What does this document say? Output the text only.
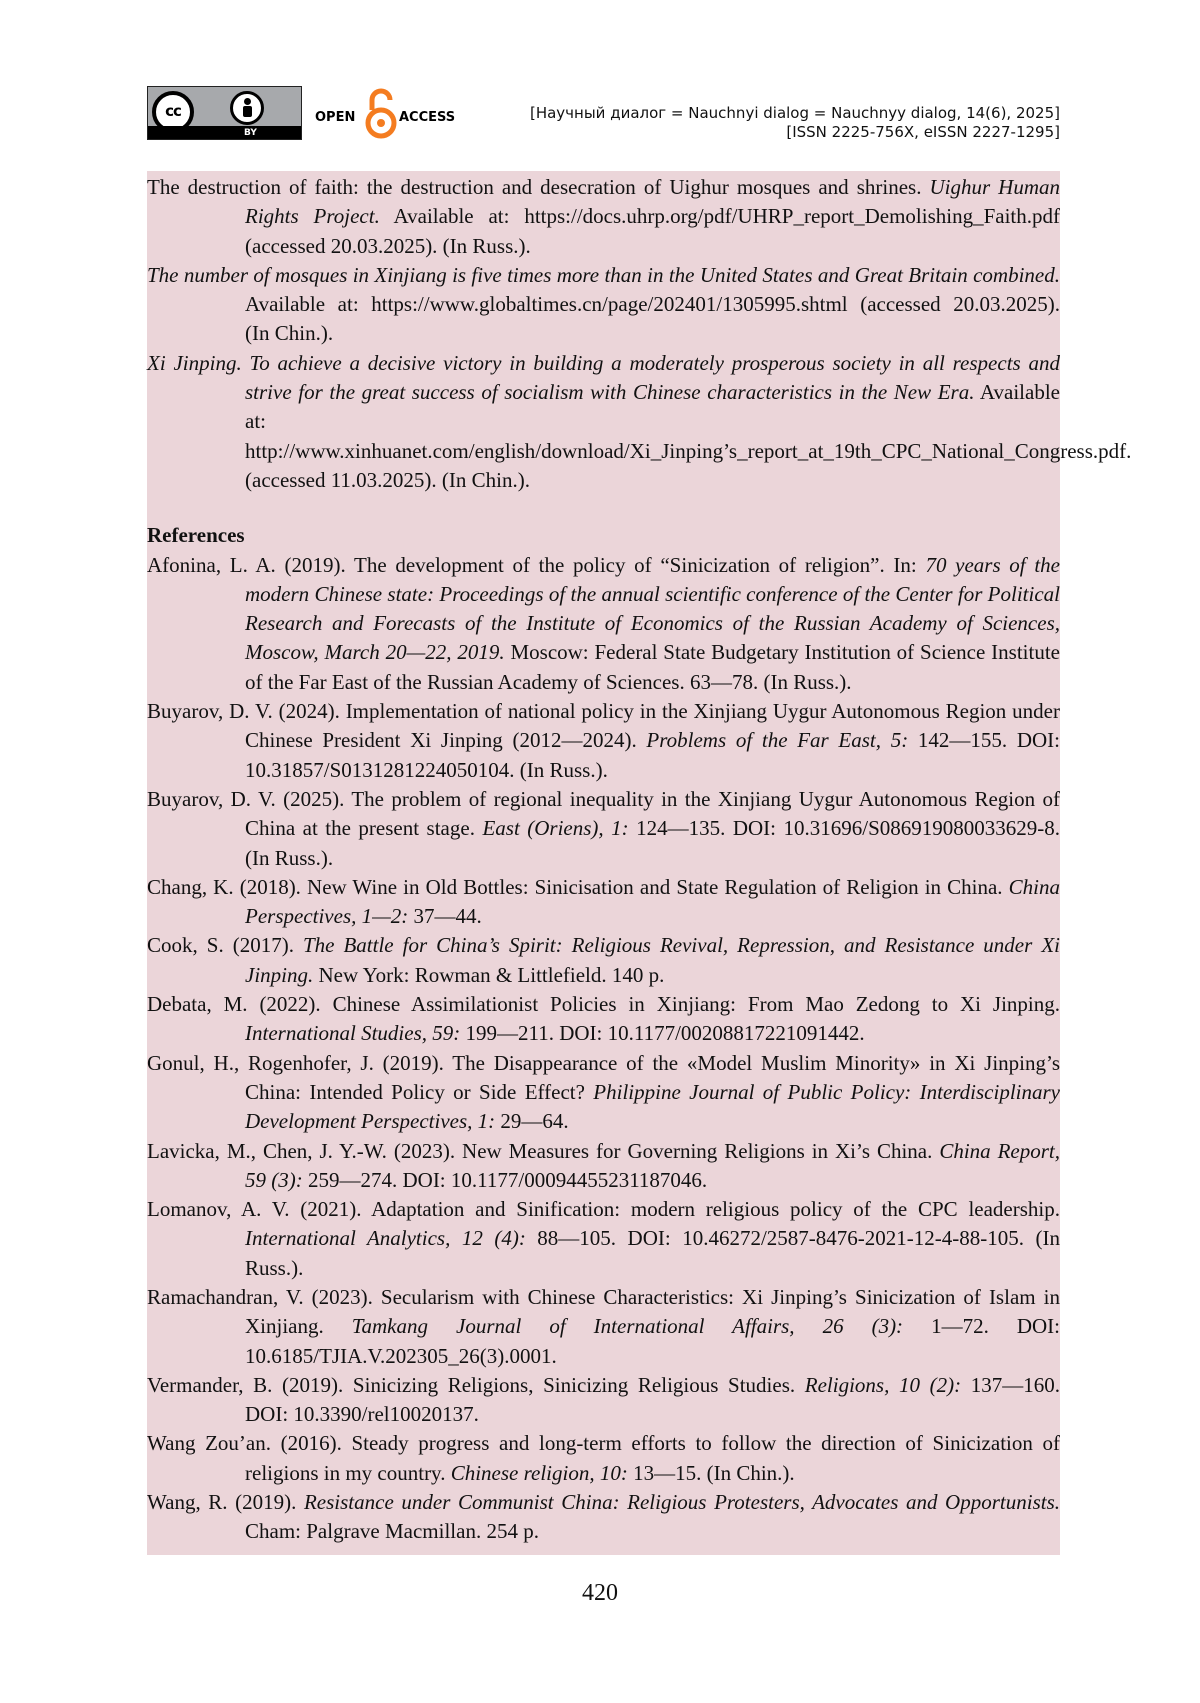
cc
BY
OPEN	ACCESS	[Научный диалог = Nauchnyi dialog = Nauchnyy dialog, 14(6), 2025]
[ISSN 2225-756X, eISSN 2227-1295]

The destruction of faith: the destruction and desecration of Uighur mosques and shrines. Uighur Human Rights Project. Available at: https://docs.uhrp.org/pdf/UHRP_report_Demolishing_Faith.pdf (accessed 20.03.2025). (In Russ.).

The number of mosques in Xinjiang is five times more than in the United States and Great Britain combined. Available at: https://www.globaltimes.cn/page/202401/1305995.shtml (accessed 20.03.2025). (In Chin.).

Xi Jinping. To achieve a decisive victory in building a moderately prosperous society in all respects and strive for the great success of socialism with Chinese characteristics in the New Era. Available at: http://www.xinhuanet.com/english/download/Xi_Jinping’s_report_at_19th_CPC_National_Congress.pdf. (accessed 11.03.2025). (In Chin.).

References

Afonina, L. A. (2019). The development of the policy of “Sinicization of religion”. In: 70 years of the modern Chinese state: Proceedings of the annual scientific conference of the Center for Political Research and Forecasts of the Institute of Economics of the Russian Academy of Sciences, Moscow, March 20—22, 2019. Moscow: Federal State Budgetary Institution of Science Institute of the Far East of the Russian Academy of Sciences. 63—78. (In Russ.).

Buyarov, D. V. (2024). Implementation of national policy in the Xinjiang Uygur Autonomous Region under Chinese President Xi Jinping (2012—2024). Problems of the Far East, 5: 142—155. DOI: 10.31857/S0131281224050104. (In Russ.).

Buyarov, D. V. (2025). The problem of regional inequality in the Xinjiang Uygur Autonomous Region of China at the present stage. East (Oriens), 1: 124—135. DOI: 10.31696/S086919080033629-8. (In Russ.).

Chang, K. (2018). New Wine in Old Bottles: Sinicisation and State Regulation of Religion in China. China Perspectives, 1—2: 37—44.

Cook, S. (2017). The Battle for China’s Spirit: Religious Revival, Repression, and Resistance under Xi Jinping. New York: Rowman & Littlefield. 140 p.

Debata, M. (2022). Chinese Assimilationist Policies in Xinjiang: From Mao Zedong to Xi Jinping. International Studies, 59: 199—211. DOI: 10.1177/00208817221091442.

Gonul, H., Rogenhofer, J. (2019). The Disappearance of the «Model Muslim Minority» in Xi Jinping’s China: Intended Policy or Side Effect? Philippine Journal of Public Policy: Interdisciplinary Development Perspectives, 1: 29—64.

Lavicka, M., Chen, J. Y.-W. (2023). New Measures for Governing Religions in Xi’s China. China Report, 59 (3): 259—274. DOI: 10.1177/00094455231187046.

Lomanov, A. V. (2021). Adaptation and Sinification: modern religious policy of the CPC leadership. International Analytics, 12 (4): 88—105. DOI: 10.46272/2587-8476-2021-12-4-88-105. (In Russ.).

Ramachandran, V. (2023). Secularism with Chinese Characteristics: Xi Jinping’s Sinicization of Islam in Xinjiang. Tamkang Journal of International Affairs, 26 (3): 1—72. DOI: 10.6185/TJIA.V.202305_26(3).0001.

Vermander, B. (2019). Sinicizing Religions, Sinicizing Religious Studies. Religions, 10 (2): 137—160. DOI: 10.3390/rel10020137.

Wang Zou’an. (2016). Steady progress and long-term efforts to follow the direction of Sinicization of religions in my country. Chinese religion, 10: 13—15. (In Chin.).

Wang, R. (2019). Resistance under Communist China: Religious Protesters, Advocates and Opportunists. Cham: Palgrave Macmillan. 254 p.

420
